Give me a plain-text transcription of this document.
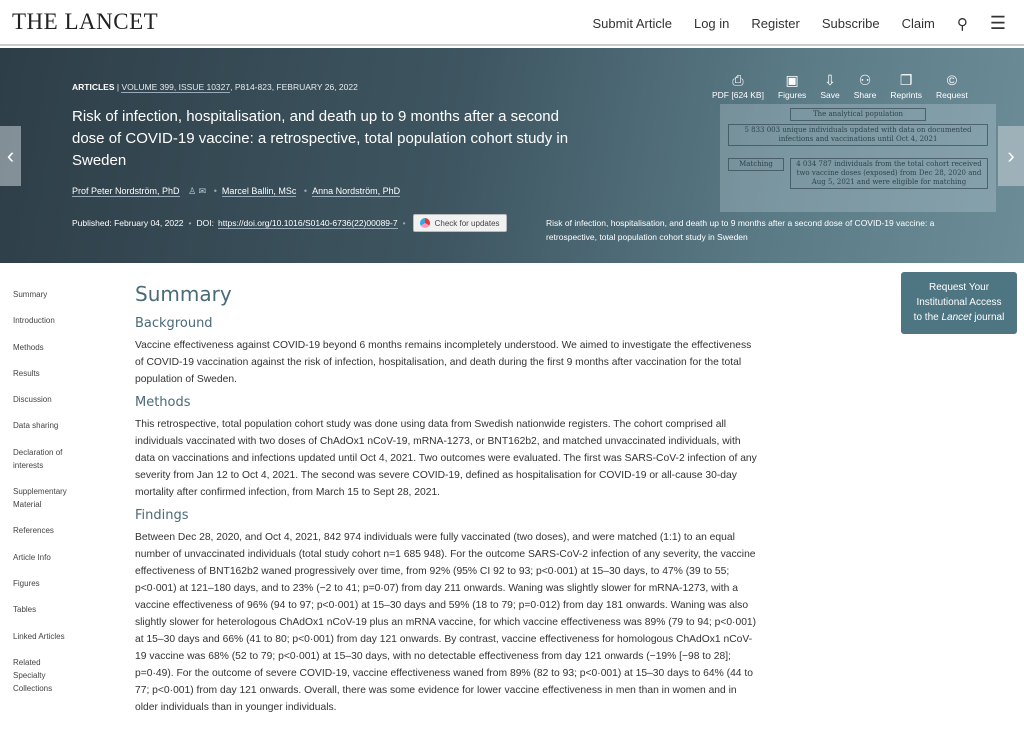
THE LANCET	Submit Article Log in Register Subscribe Claim ⚲ ☰
The analytical population
5 833 003 unique individuals updated with data on documented infections and vaccinations until Oct 4, 2021
Matching	4 034 787 individuals from the total cohort received two vaccine doses (exposed) from Dec 28, 2020 and Aug 5, 2021 and were eligible for matching
ARTICLES | VOLUME 399, ISSUE 10327, P814-823, FEBRUARY 26, 2022
Risk of infection, hospitalisation, and death up to 9 months after a second dose of COVID-19 vaccine: a retrospective, total population cohort study in Sweden
Prof Peter Nordström, PhD ♙ ✉ • Marcel Ballin, MSc • Anna Nordström, PhD
Published:
February 04, 2022 • DOI: https://doi.org/10.1016/S0140-6736(22)00089-7 •	Check for updates	Risk of infection, hospitalisation, and death up to 9 months after a second dose of COVID-19 vaccine: a retrospective, total population cohort study in Sweden
⎙
PDF [624 KB]
▣
Figures
⇩
Save
⚇
Share
❐
Reprints
©
Request
‹	›
Summary
Introduction
Methods
Results
Discussion
Data sharing
Declaration of interests
Supplementary Material
References
Article Info
Figures
Tables
Linked Articles
Related Specialty Collections
Summary
Background

Vaccine effectiveness against COVID-19 beyond 6 months remains incompletely understood. We aimed to investigate the effectiveness of COVID-19 vaccination against the risk of infection, hospitalisation, and death during the first 9 months after vaccination for the total population of Sweden.

Methods

This retrospective, total population cohort study was done using data from Swedish nationwide registers. The cohort comprised all individuals vaccinated with two doses of ChAdOx1 nCoV-19, mRNA-1273, or BNT162b2, and matched unvaccinated individuals, with data on vaccinations and infections updated until Oct 4, 2021. Two outcomes were evaluated. The first was SARS-CoV-2 infection of any severity from Jan 12 to Oct 4, 2021. The second was severe COVID-19, defined as hospitalisation for COVID-19 or all-cause 30-day mortality after confirmed infection, from March 15 to Sept 28, 2021.

Findings

Between Dec 28, 2020, and Oct 4, 2021, 842 974 individuals were fully vaccinated (two doses), and were matched (1:1) to an equal number of unvaccinated individuals (total study cohort n=1 685 948). For the outcome SARS-CoV-2 infection of any severity, the vaccine effectiveness of BNT162b2 waned progressively over time, from 92% (95% CI 92 to 93; p<0·001) at 15–30 days, to 47% (39 to 55; p<0·001) at 121–180 days, and to 23% (−2 to 41; p=0·07) from day 211 onwards. Waning was slightly slower for mRNA-1273, with a vaccine effectiveness of 96% (94 to 97; p<0·001) at 15–30 days and 59% (18 to 79; p=0·012) from day 181 onwards. Waning was also slightly slower for heterologous ChAdOx1 nCoV-19 plus an mRNA vaccine, for which vaccine effectiveness was 89% (79 to 94; p<0·001) at 15–30 days and 66% (41 to 80; p<0·001) from day 121 onwards. By contrast, vaccine effectiveness for homologous ChAdOx1 nCoV-19 vaccine was 68% (52 to 79; p<0·001) at 15–30 days, with no detectable effectiveness from day 121 onwards (−19% [−98 to 28]; p=0·49). For the outcome of severe COVID-19, vaccine effectiveness waned from 89% (82 to 93; p<0·001) at 15–30 days to 64% (44 to 77; p<0·001) from day 121 onwards. Overall, there was some evidence for lower vaccine effectiveness in men than in women and in older individuals than in younger individuals.

Request Your
Institutional Access
to the Lancet journal
